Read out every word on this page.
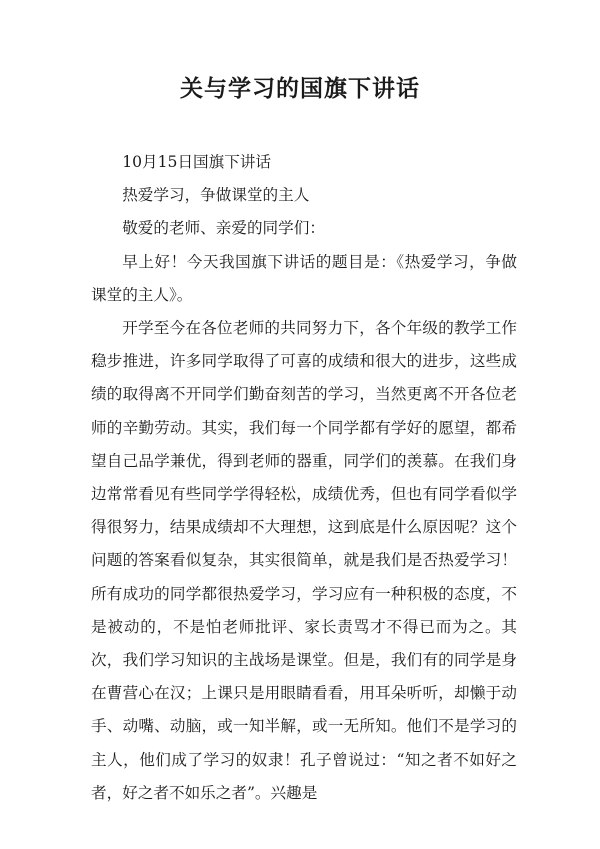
关与学习的国旗下讲话

10月15日国旗下讲话

热爱学习，争做课堂的主人

敬爱的老师、亲爱的同学们：

早上好！今天我国旗下讲话的题目是：《热爱学习，争做课堂的主人》。

开学至今在各位老师的共同努力下，各个年级的教学工作稳步推进，许多同学取得了可喜的成绩和很大的进步，这些成绩的取得离不开同学们勤奋刻苦的学习，当然更离不开各位老师的辛勤劳动。其实，我们每一个同学都有学好的愿望，都希望自己品学兼优，得到老师的器重，同学们的羡慕。在我们身边常常看见有些同学学得轻松，成绩优秀，但也有同学看似学得很努力，结果成绩却不大理想，这到底是什么原因呢？这个问题的答案看似复杂，其实很简单，就是我们是否热爱学习！所有成功的同学都很热爱学习，学习应有一种积极的态度，不是被动的，不是怕老师批评、家长责骂才不得已而为之。其次，我们学习知识的主战场是课堂。但是，我们有的同学是身在曹营心在汉；上课只是用眼睛看看，用耳朵听听，却懒于动手、动嘴、动脑，或一知半解，或一无所知。他们不是学习的主人，他们成了学习的奴隶！孔子曾说过：“知之者不如好之者，好之者不如乐之者”。兴趣是
